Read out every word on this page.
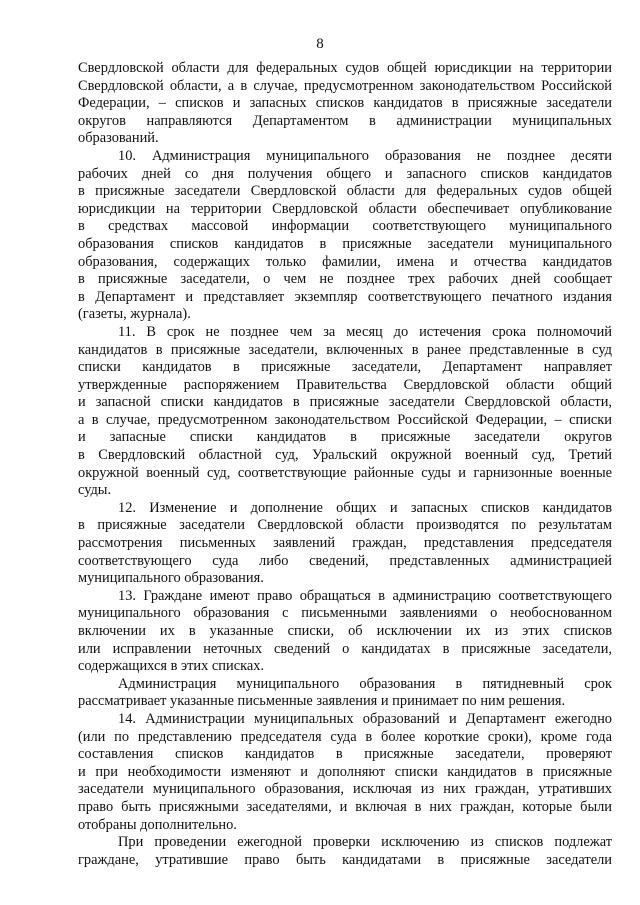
8
Свердловской области для федеральных судов общей юрисдикции на территории
Свердловской области, а в случае, предусмотренном законодательством Российской
Федерации, – списков и запасных списков кандидатов в присяжные заседатели
округов направляются Департаментом в администрации муниципальных
образований.
10. Администрация муниципального образования не позднее десяти
рабочих дней со дня получения общего и запасного списков кандидатов
в присяжные заседатели Свердловской области для федеральных судов общей
юрисдикции на территории Свердловской области обеспечивает опубликование
в средствах массовой информации соответствующего муниципального
образования списков кандидатов в присяжные заседатели муниципального
образования, содержащих только фамилии, имена и отчества кандидатов
в присяжные заседатели, о чем не позднее трех рабочих дней сообщает
в Департамент и представляет экземпляр соответствующего печатного издания
(газеты, журнала).
11. В срок не позднее чем за месяц до истечения срока полномочий
кандидатов в присяжные заседатели, включенных в ранее представленные в суд
списки кандидатов в присяжные заседатели, Департамент направляет
утвержденные распоряжением Правительства Свердловской области общий
и запасной списки кандидатов в присяжные заседатели Свердловской области,
а в случае, предусмотренном законодательством Российской Федерации, – списки
и запасные списки кандидатов в присяжные заседатели округов
в Свердловский областной суд, Уральский окружной военный суд, Третий
окружной военный суд, соответствующие районные суды и гарнизонные военные
суды.
12. Изменение и дополнение общих и запасных списков кандидатов
в присяжные заседатели Свердловской области производятся по результатам
рассмотрения письменных заявлений граждан, представления председателя
соответствующего суда либо сведений, представленных администрацией
муниципального образования.
13. Граждане имеют право обращаться в администрацию соответствующего
муниципального образования с письменными заявлениями о необоснованном
включении их в указанные списки, об исключении их из этих списков
или исправлении неточных сведений о кандидатах в присяжные заседатели,
содержащихся в этих списках.
Администрация муниципального образования в пятидневный срок
рассматривает указанные письменные заявления и принимает по ним решения.
14. Администрации муниципальных образований и Департамент ежегодно
(или по представлению председателя суда в более короткие сроки), кроме года
составления списков кандидатов в присяжные заседатели, проверяют
и при необходимости изменяют и дополняют списки кандидатов в присяжные
заседатели муниципального образования, исключая из них граждан, утративших
право быть присяжными заседателями, и включая в них граждан, которые были
отобраны дополнительно.
При проведении ежегодной проверки исключению из списков подлежат
граждане, утратившие право быть кандидатами в присяжные заседатели
